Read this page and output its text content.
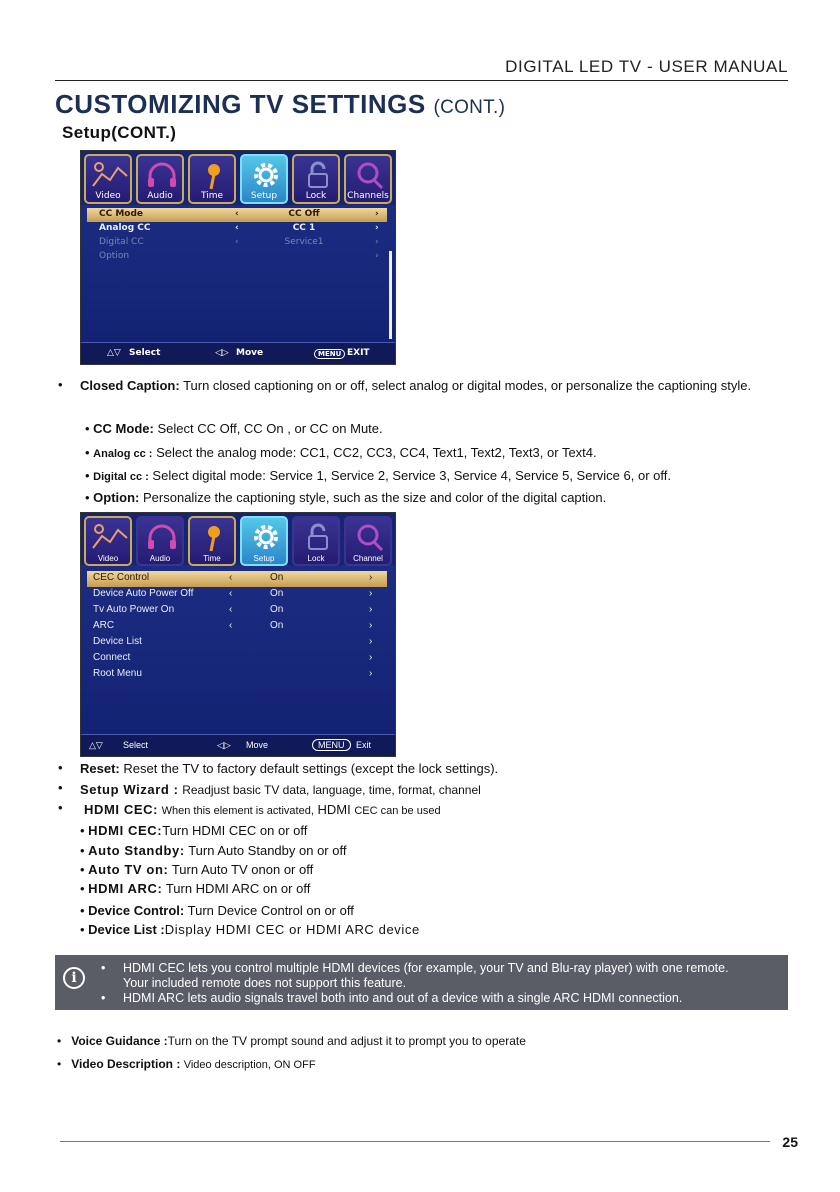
DIGITAL LED TV - USER MANUAL
CUSTOMIZING TV SETTINGS (CONT.)
Setup(CONT.)
Video	Audio	Time	Setup	Lock	Channels
CC Mode	‹	CC Off	›
Analog CC	‹	CC 1	›
Digital CC	‹	Service1	›
Option	›
△▽ Select	◁▷ Move	MENU EXIT
• Closed Caption: Turn closed captioning on or off, select analog or digital modes, or personalize the captioning style.
• CC Mode: Select CC Off, CC On , or CC on Mute.
• Analog cc : Select the analog mode: CC1, CC2, CC3, CC4, Text1, Text2, Text3, or Text4.
• Digital cc : Select digital mode: Service 1, Service 2, Service 3, Service 4, Service 5, Service 6, or off.
• Option: Personalize the captioning style, such as the size and color of the digital caption.
Video	Audio	Time	Setup	Lock	Channel
CEC Control	‹	On	›
Device Auto Power Off	‹	On	›
Tv Auto Power On	‹	On	›
ARC	‹	On	›
Device List	›
Connect	›
Root Menu	›
△▽ Select	◁▷ Move	MENU	Exit
• Reset: Reset the TV to factory default settings (except the lock settings).
• Setup Wizard : Readjust basic TV data, language, time, format, channel
• HDMI CEC: When this element is activated, HDMI CEC can be used
• HDMI CEC:Turn HDMI CEC on or off
• Auto Standby: Turn Auto Standby on or off
• Auto TV on: Turn Auto TV onon or off
• HDMI ARC: Turn HDMI ARC on or off
• Device Control: Turn Device Control on or off
• Device List :Display HDMI CEC or HDMI ARC device
i
• HDMI CEC lets you control multiple HDMI devices (for example, your TV and Blu-ray player) with one remote.
Your included remote does not support this feature.
• HDMI ARC lets audio signals travel both into and out of a device with a single ARC HDMI connection.
•   Voice Guidance :Turn on the TV prompt sound and adjust it to prompt you to operate
•   Video Description : Video description, ON OFF
25
